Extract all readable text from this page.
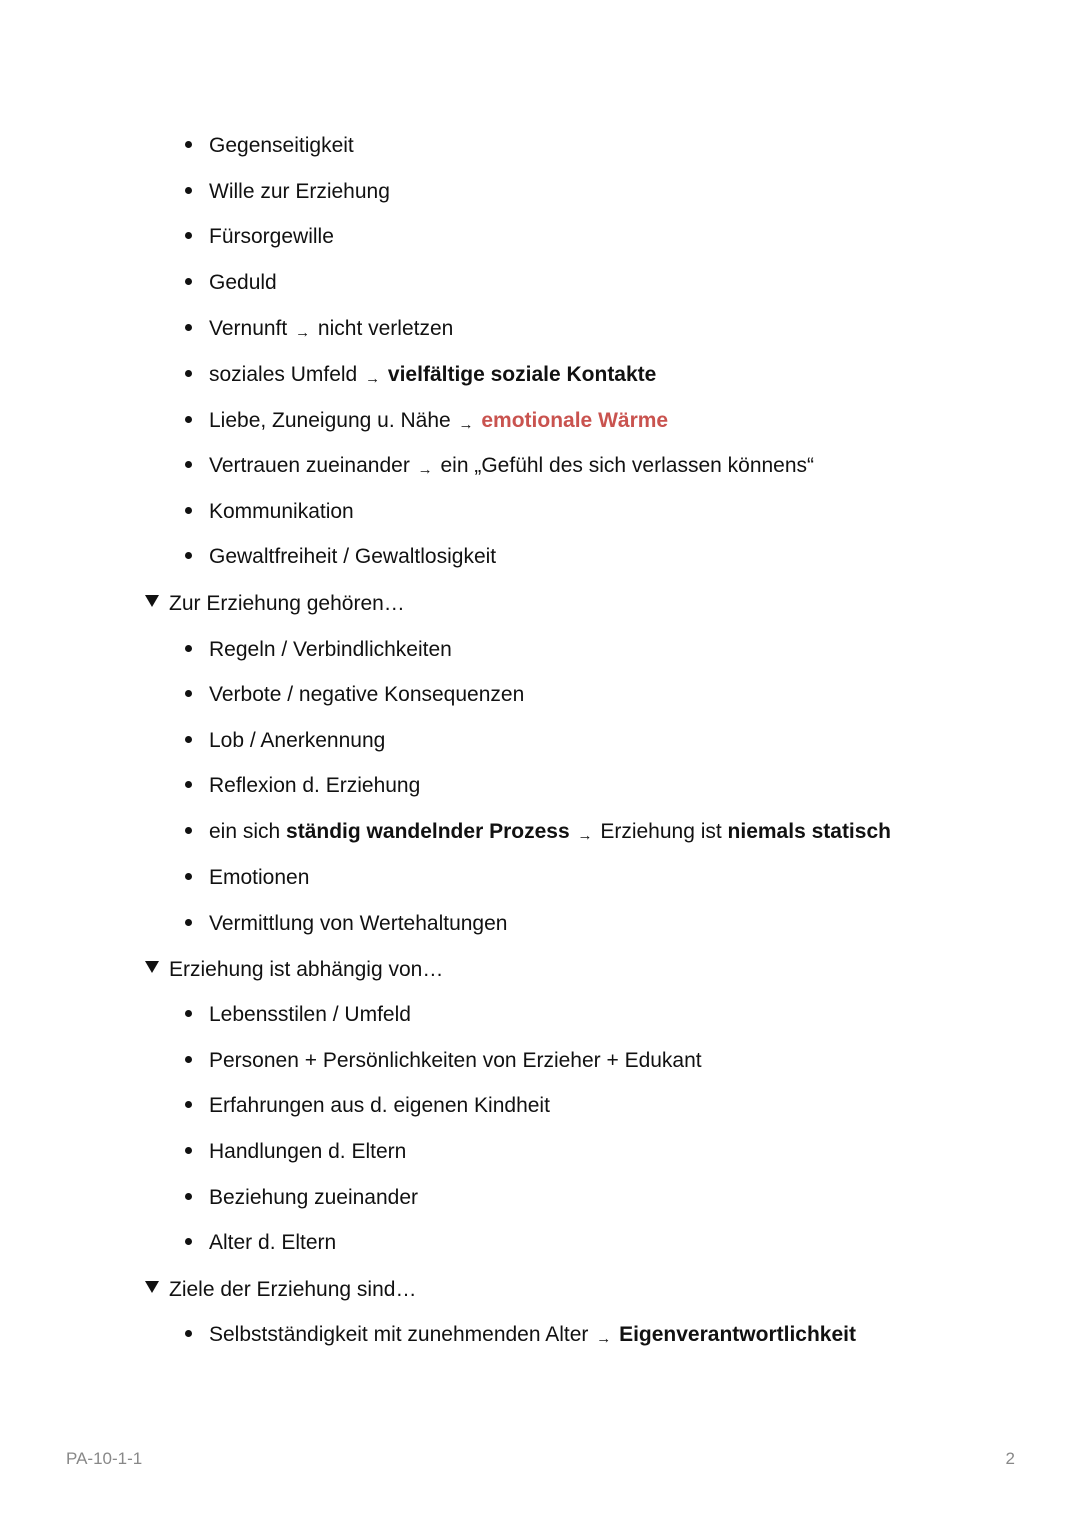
Gegenseitigkeit
Wille zur Erziehung
Fürsorgewille
Geduld
Vernunft → nicht verletzen
soziales Umfeld → vielfältige soziale Kontakte
Liebe, Zuneigung u. Nähe → emotionale Wärme
Vertrauen zueinander → ein „Gefühl des sich verlassen könnens“
Kommunikation
Gewaltfreiheit / Gewaltlosigkeit
Zur Erziehung gehören…
Regeln / Verbindlichkeiten
Verbote / negative Konsequenzen
Lob / Anerkennung
Reflexion d. Erziehung
ein sich ständig wandelnder Prozess → Erziehung ist niemals statisch
Emotionen
Vermittlung von Wertehaltungen
Erziehung ist abhängig von…
Lebensstilen / Umfeld
Personen + Persönlichkeiten von Erzieher + Edukant
Erfahrungen aus d. eigenen Kindheit
Handlungen d. Eltern
Beziehung zueinander
Alter d. Eltern
Ziele der Erziehung sind…
Selbstständigkeit mit zunehmenden Alter → Eigenverantwortlichkeit
PA-10-1-1	2
